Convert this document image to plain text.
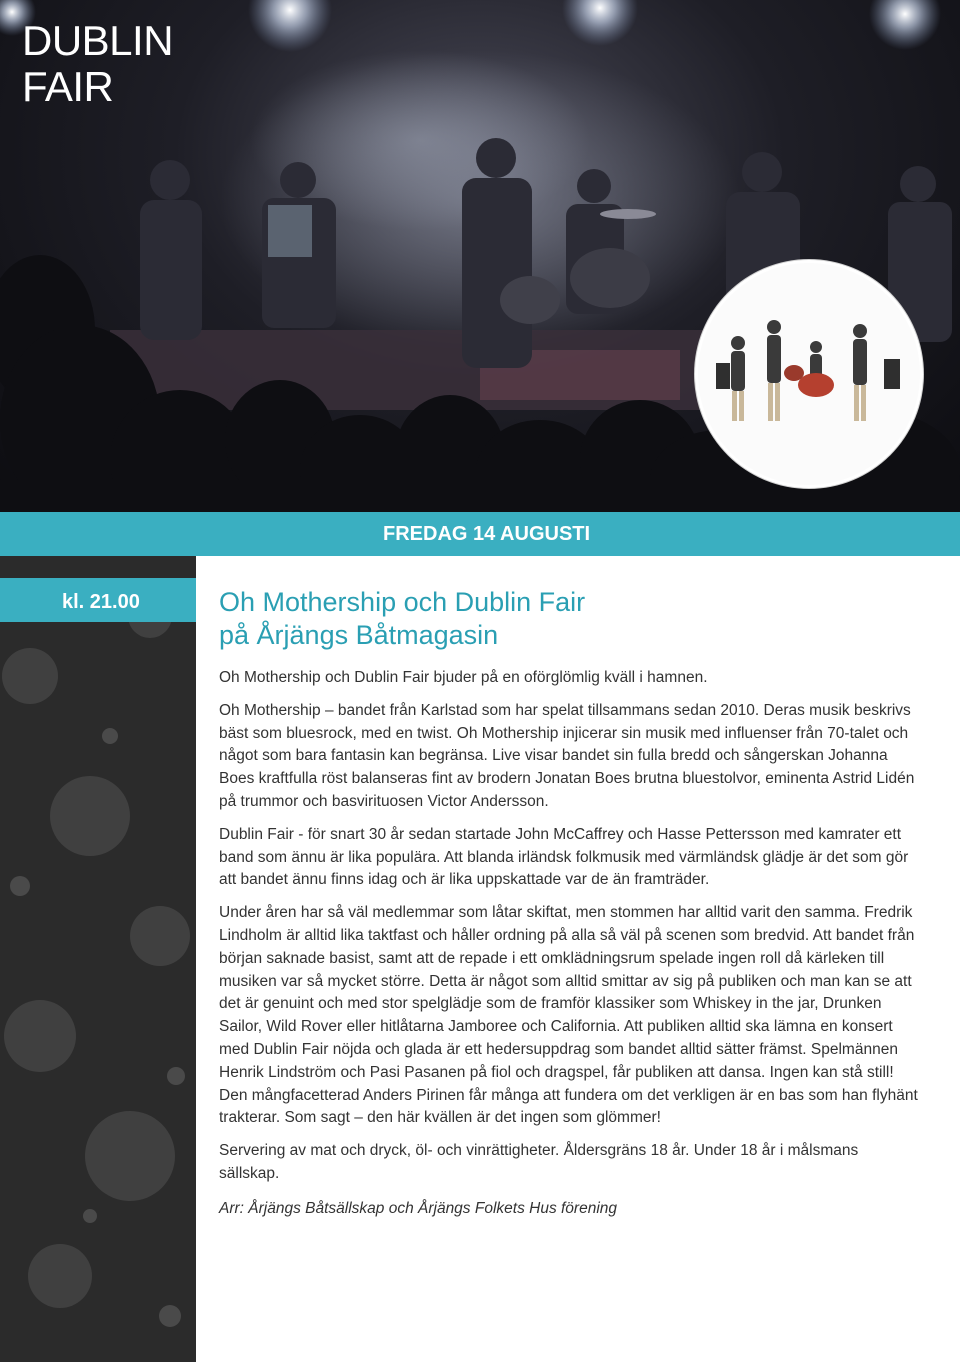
DUBLIN
FAIR
FREDAG 14 AUGUSTI
kl. 21.00	Oh Mothership och Dublin Fair
på Årjängs Båtmagasin

Oh Mothership och Dublin Fair bjuder på en oförglömlig kväll i hamnen.

Oh Mothership – bandet från Karlstad som har spelat tillsammans sedan 2010. Deras musik beskrivs bäst som bluesrock, med en twist. Oh Mothership injicerar sin musik med influenser från 70-talet och något som bara fantasin kan begränsa. Live visar bandet sin fulla bredd och sångerskan Johanna Boes kraftfulla röst balanseras fint av brodern Jonatan Boes brutna bluestolvor, eminenta Astrid Lidén på trummor och basvirituosen Victor Andersson.

Dublin Fair - för snart 30 år sedan startade John McCaffrey och Hasse Pettersson med kamrater ett band som ännu är lika populära. Att blanda irländsk folkmusik med värmländsk glädje är det som gör att bandet ännu finns idag och är lika uppskattade var de än framträder.

Under åren har så väl medlemmar som låtar skiftat, men stommen har alltid varit den samma. Fredrik Lindholm är alltid lika taktfast och håller ordning på alla så väl på scenen som bredvid. Att bandet från början saknade basist, samt att de repade i ett omklädningsrum spelade ingen roll då kärleken till musiken var så mycket större. Detta är något som alltid smittar av sig på publiken och man kan se att det är genuint och med stor spelglädje som de framför klassiker som Whiskey in the jar, Drunken Sailor, Wild Rover eller hitlåtarna Jamboree och California. Att publiken alltid ska lämna en konsert med Dublin Fair nöjda och glada är ett hedersuppdrag som bandet alltid sätter främst. Spelmännen Henrik Lindström och Pasi Pasanen på fiol och dragspel, får publiken att dansa. Ingen kan stå still! Den mångfacetterad Anders Pirinen får många att fundera om det verkligen är en bas som han flyhänt trakterar. Som sagt – den här kvällen är det ingen som glömmer!

Servering av mat och dryck, öl- och vinrättigheter. Åldersgräns 18 år. Under 18 år i målsmans sällskap.

Arr: Årjängs Båtsällskap och Årjängs Folkets Hus förening
